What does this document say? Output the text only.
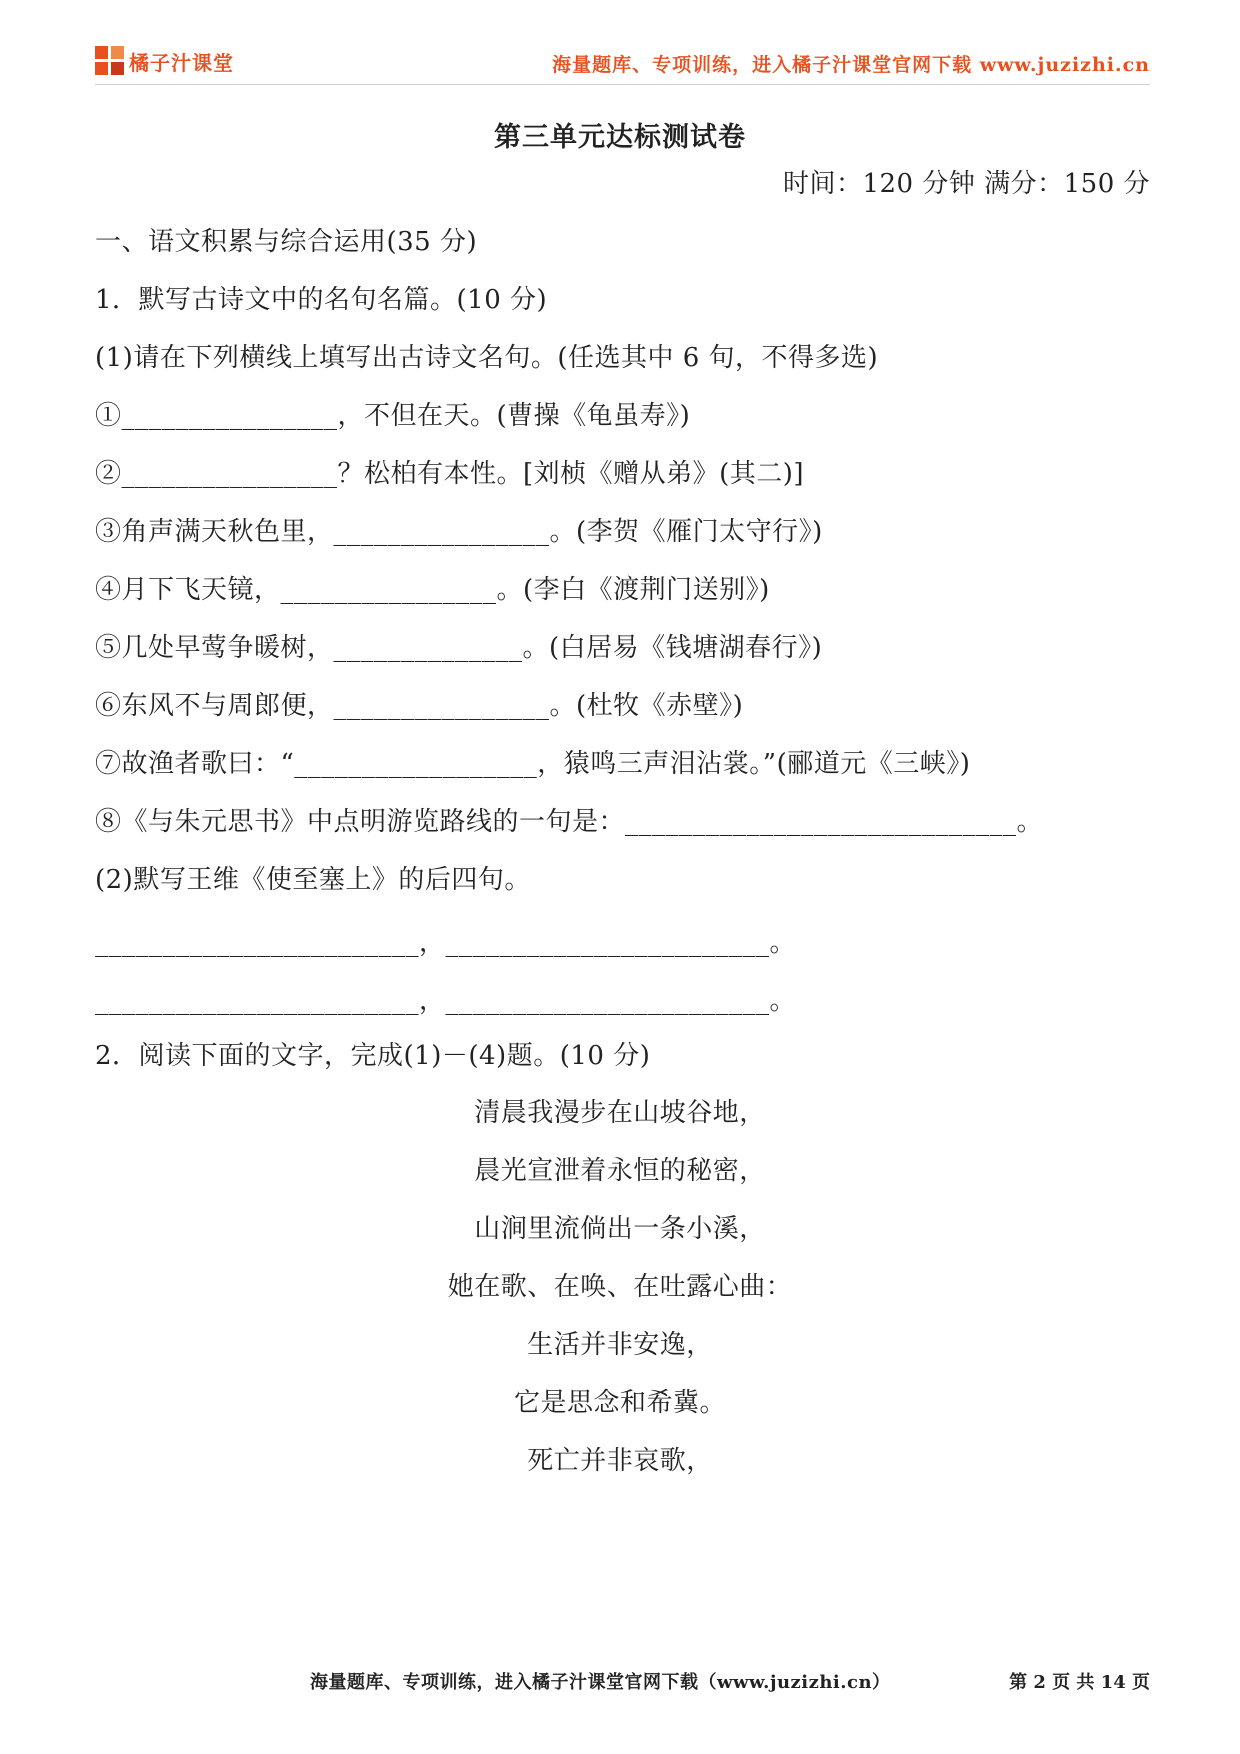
橘子汁课堂	海量题库、专项训练，进入橘子汁课堂官网下载 www.juzizhi.cn
第三单元达标测试卷
时间：120 分钟 满分：150 分
一、语文积累与综合运用(35 分)
1．默写古诗文中的名句名篇。(10 分)
(1)请在下列横线上填写出古诗文名句。(任选其中 6 句，不得多选)
①________________，不但在天。(曹操《龟虽寿》)
②________________？松柏有本性。[刘桢《赠从弟》(其二)]
③角声满天秋色里，________________。(李贺《雁门太守行》)
④月下飞天镜，________________。(李白《渡荆门送别》)
⑤几处早莺争暖树，______________。(白居易《钱塘湖春行》)
⑥东风不与周郎便，________________。(杜牧《赤壁》)
⑦故渔者歌曰：“__________________，猿鸣三声泪沾裳。”(郦道元《三峡》)
⑧《与朱元思书》中点明游览路线的一句是：_____________________________。
(2)默写王维《使至塞上》的后四句。
________________________，________________________。
________________________，________________________。
2．阅读下面的文字，完成(1)－(4)题。(10 分)
清晨我漫步在山坡谷地，
晨光宣泄着永恒的秘密，
山涧里流倘出一条小溪，
她在歌、在唤、在吐露心曲：
生活并非安逸，
它是思念和希冀。
死亡并非哀歌，
海量题库、专项训练，进入橘子汁课堂官网下载（www.juzizhi.cn）	第 2 页 共 14 页
